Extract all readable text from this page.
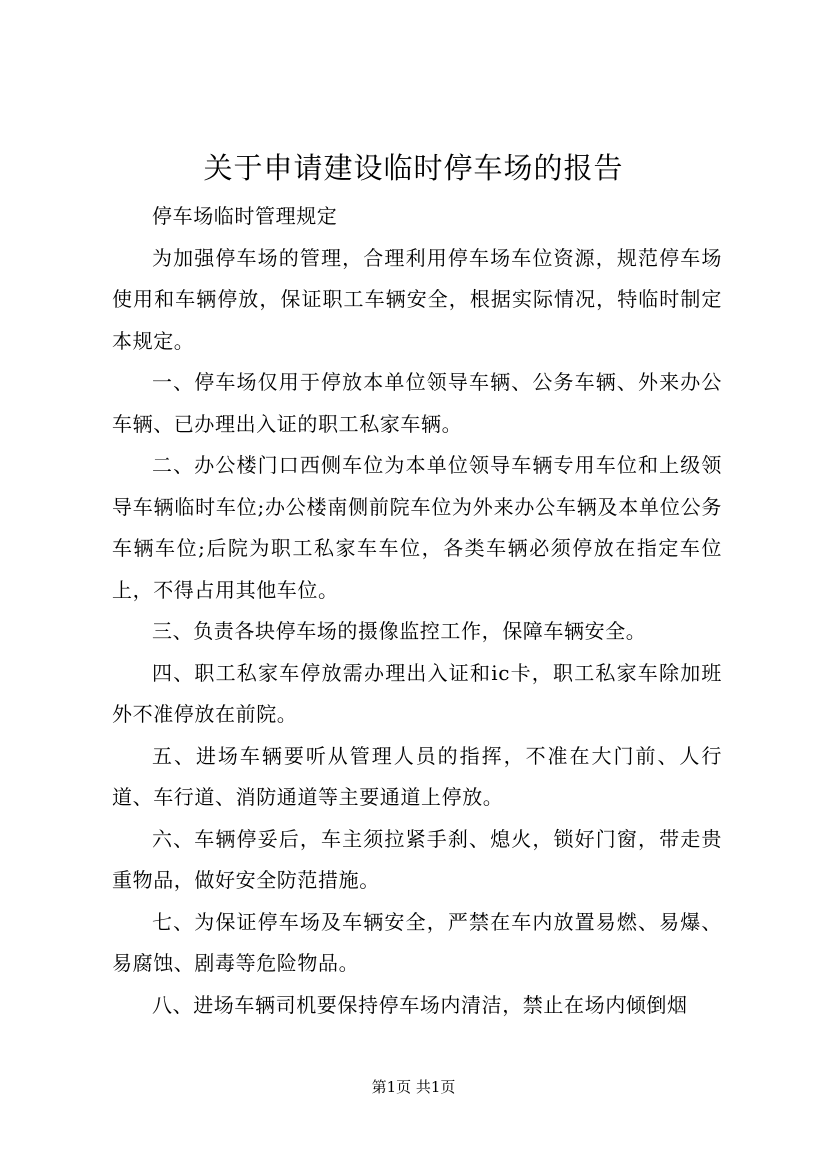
关于申请建设临时停车场的报告

停车场临时管理规定

为加强停车场的管理，合理利用停车场车位资源，规范停车场使用和车辆停放，保证职工车辆安全，根据实际情况，特临时制定本规定。

一、停车场仅用于停放本单位领导车辆、公务车辆、外来办公车辆、已办理出入证的职工私家车辆。

二、办公楼门口西侧车位为本单位领导车辆专用车位和上级领导车辆临时车位;办公楼南侧前院车位为外来办公车辆及本单位公务车辆车位;后院为职工私家车车位，各类车辆必须停放在指定车位上，不得占用其他车位。

三、负责各块停车场的摄像监控工作，保障车辆安全。

四、职工私家车停放需办理出入证和ic卡，职工私家车除加班外不准停放在前院。

五、进场车辆要听从管理人员的指挥，不准在大门前、人行道、车行道、消防通道等主要通道上停放。

六、车辆停妥后，车主须拉紧手刹、熄火，锁好门窗，带走贵重物品，做好安全防范措施。

七、为保证停车场及车辆安全，严禁在车内放置易燃、易爆、易腐蚀、剧毒等危险物品。

八、进场车辆司机要保持停车场内清洁，禁止在场内倾倒烟

第1页 共1页
